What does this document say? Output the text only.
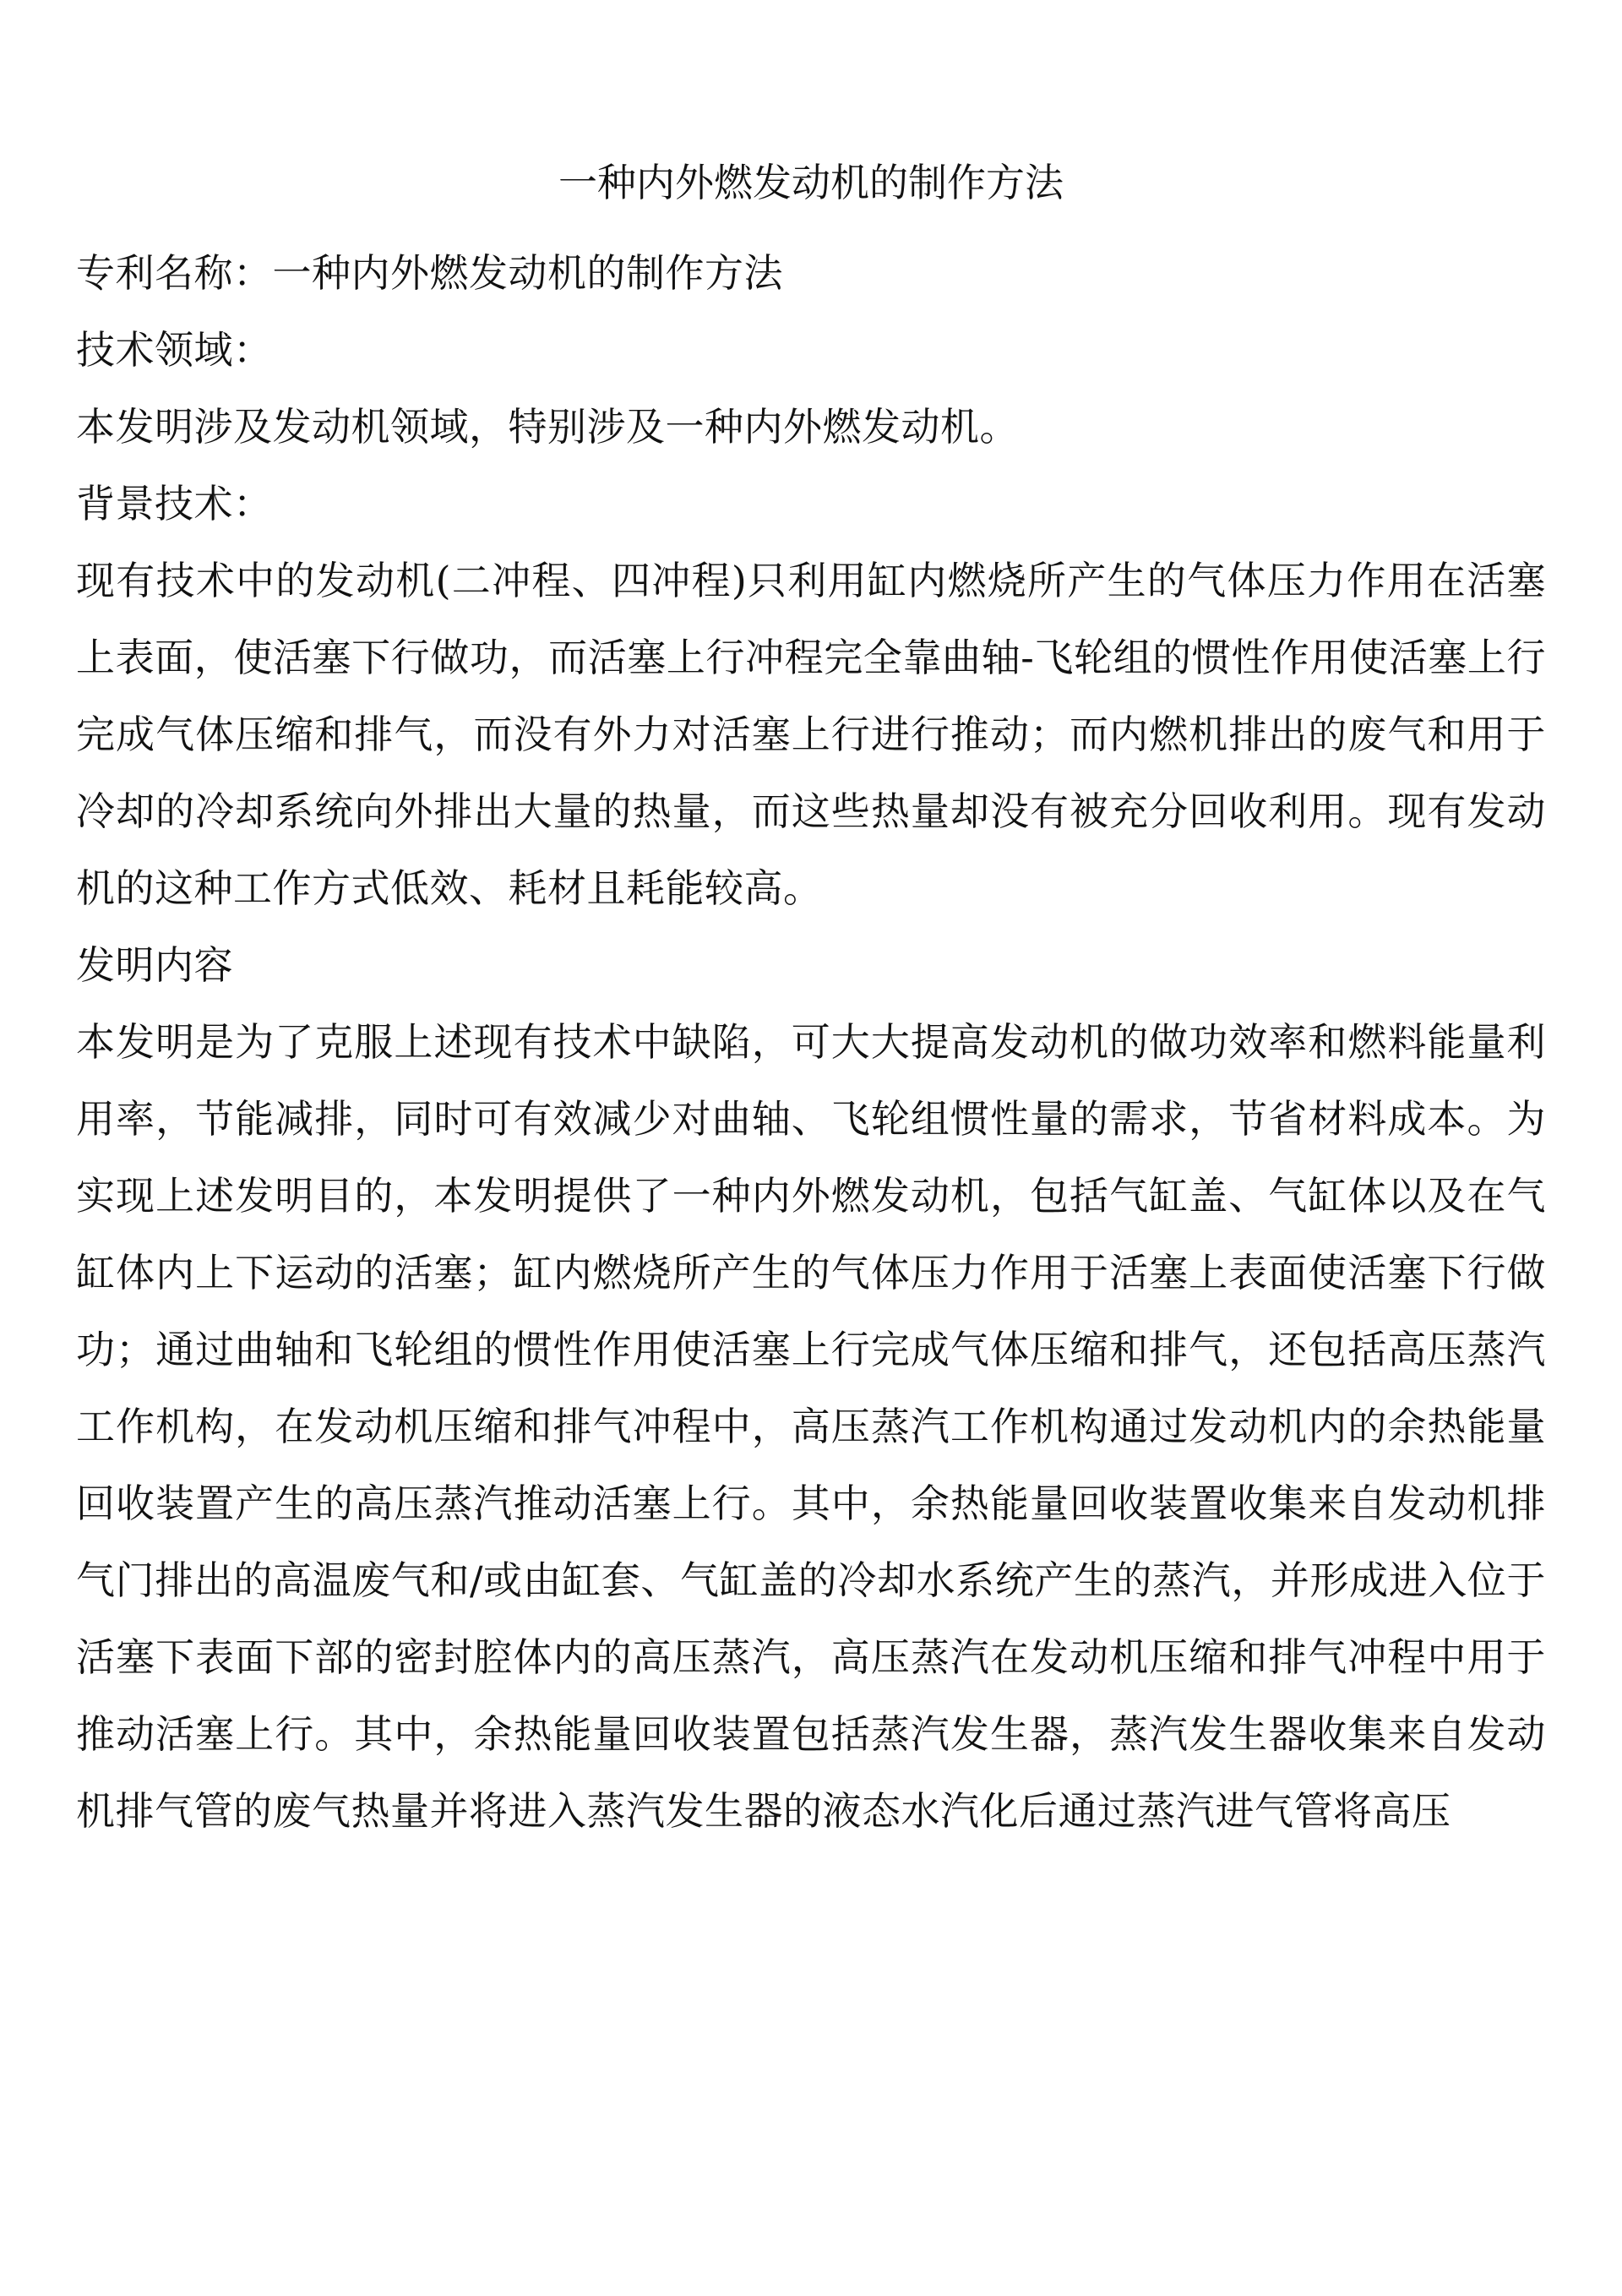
一种内外燃发动机的制作方法

专利名称：一种内外燃发动机的制作方法

技术领域：

本发明涉及发动机领域，特别涉及一种内外燃发动机。

背景技术：

现有技术中的发动机(二冲程、四冲程)只利用缸内燃烧所产生的气体压力作用在活塞上表面，使活塞下行做功，而活塞上行冲程完全靠曲轴-飞轮组的惯性作用使活塞上行完成气体压缩和排气，而没有外力对活塞上行进行推动；而内燃机排出的废气和用于冷却的冷却系统向外排出大量的热量，而这些热量却没有被充分回收利用。现有发动机的这种工作方式低效、耗材且耗能较高。

发明内容

本发明是为了克服上述现有技术中缺陷，可大大提高发动机的做功效率和燃料能量利用率，节能减排，同时可有效减少对曲轴、飞轮组惯性量的需求，节省材料成本。为实现上述发明目的，本发明提供了一种内外燃发动机，包括气缸盖、气缸体以及在气缸体内上下运动的活塞；缸内燃烧所产生的气体压力作用于活塞上表面使活塞下行做功；通过曲轴和飞轮组的惯性作用使活塞上行完成气体压缩和排气，还包括高压蒸汽工作机构，在发动机压缩和排气冲程中，高压蒸汽工作机构通过发动机内的余热能量回收装置产生的高压蒸汽推动活塞上行。其中，余热能量回收装置收集来自发动机排气门排出的高温废气和/或由缸套、气缸盖的冷却水系统产生的蒸汽，并形成进入位于活塞下表面下部的密封腔体内的高压蒸汽，高压蒸汽在发动机压缩和排气冲程中用于推动活塞上行。其中，余热能量回收装置包括蒸汽发生器，蒸汽发生器收集来自发动机排气管的废气热量并将进入蒸汽发生器的液态水汽化后通过蒸汽进气管将高压
